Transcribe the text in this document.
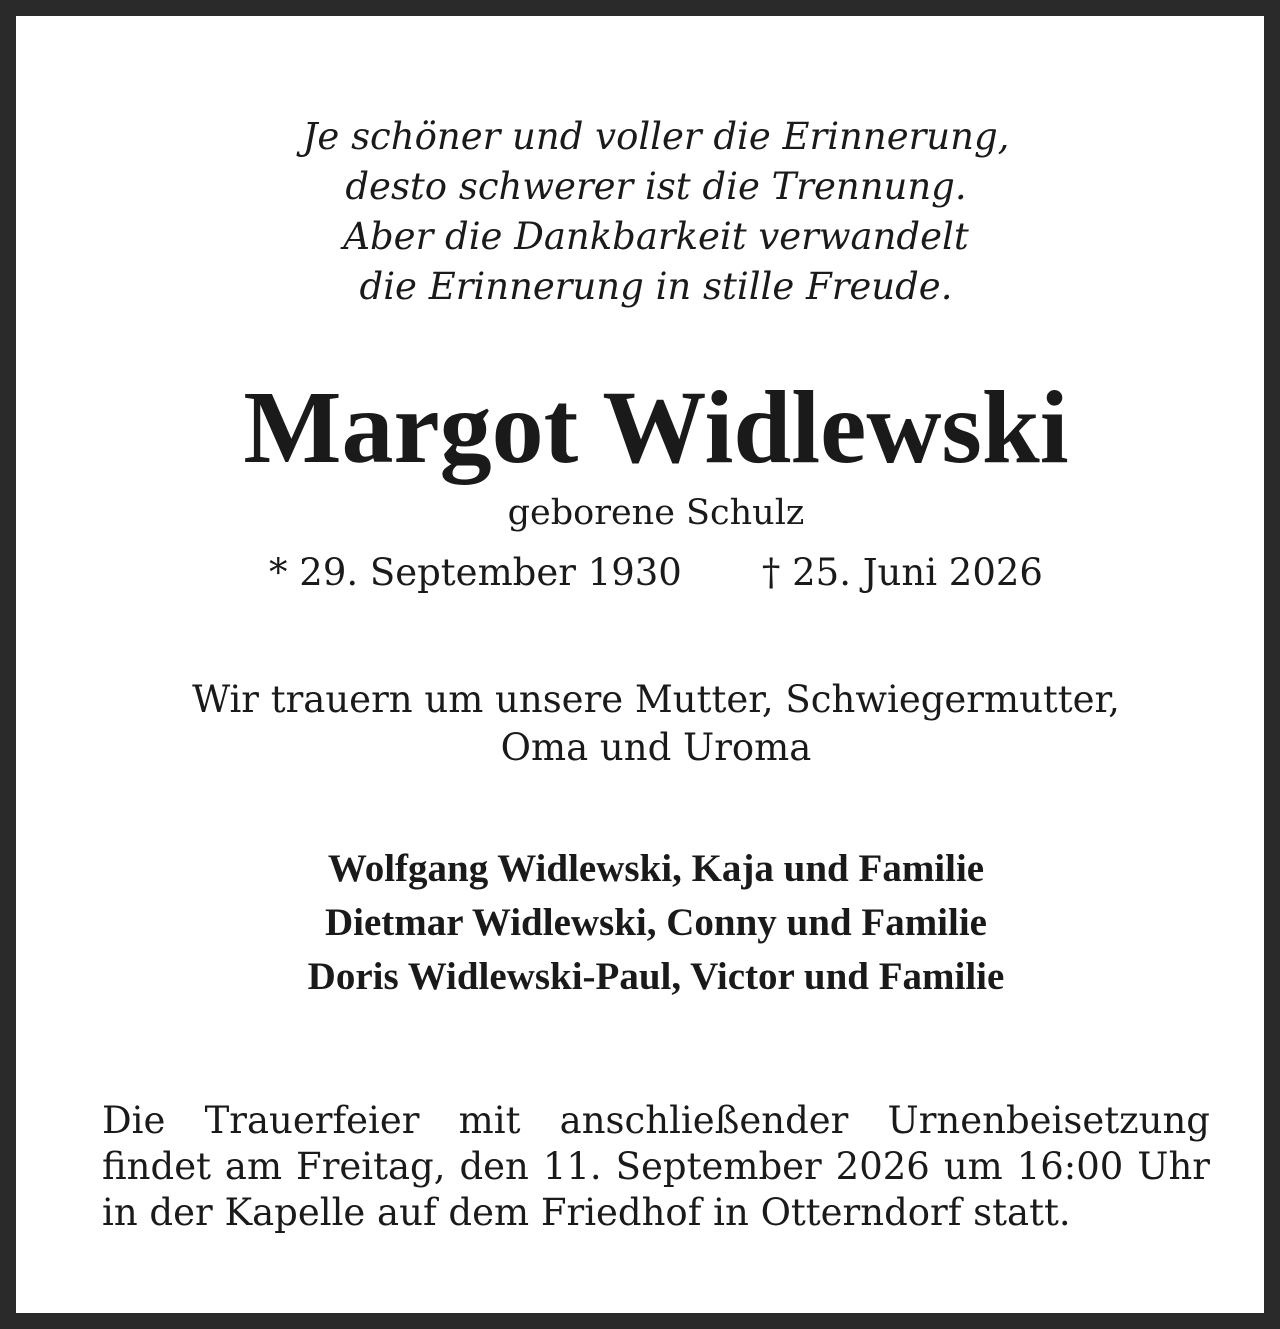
Je schöner und voller die Erinnerung,
desto schwerer ist die Trennung.
Aber die Dankbarkeit verwandelt
die Erinnerung in stille Freude.
Margot Widlewski
geborene Schulz
* 29. September 1930 † 25. Juni 2026
Wir trauern um unsere Mutter, Schwiegermutter,
Oma und Uroma
Wolfgang Widlewski, Kaja und Familie
Dietmar Widlewski, Conny und Familie
Doris Widlewski-Paul, Victor und Familie
Die Trauerfeier mit anschließender Urnenbeisetzung
findet am Freitag, den 11. September 2026 um 16:00 Uhr
in der Kapelle auf dem Friedhof in Otterndorf statt.
